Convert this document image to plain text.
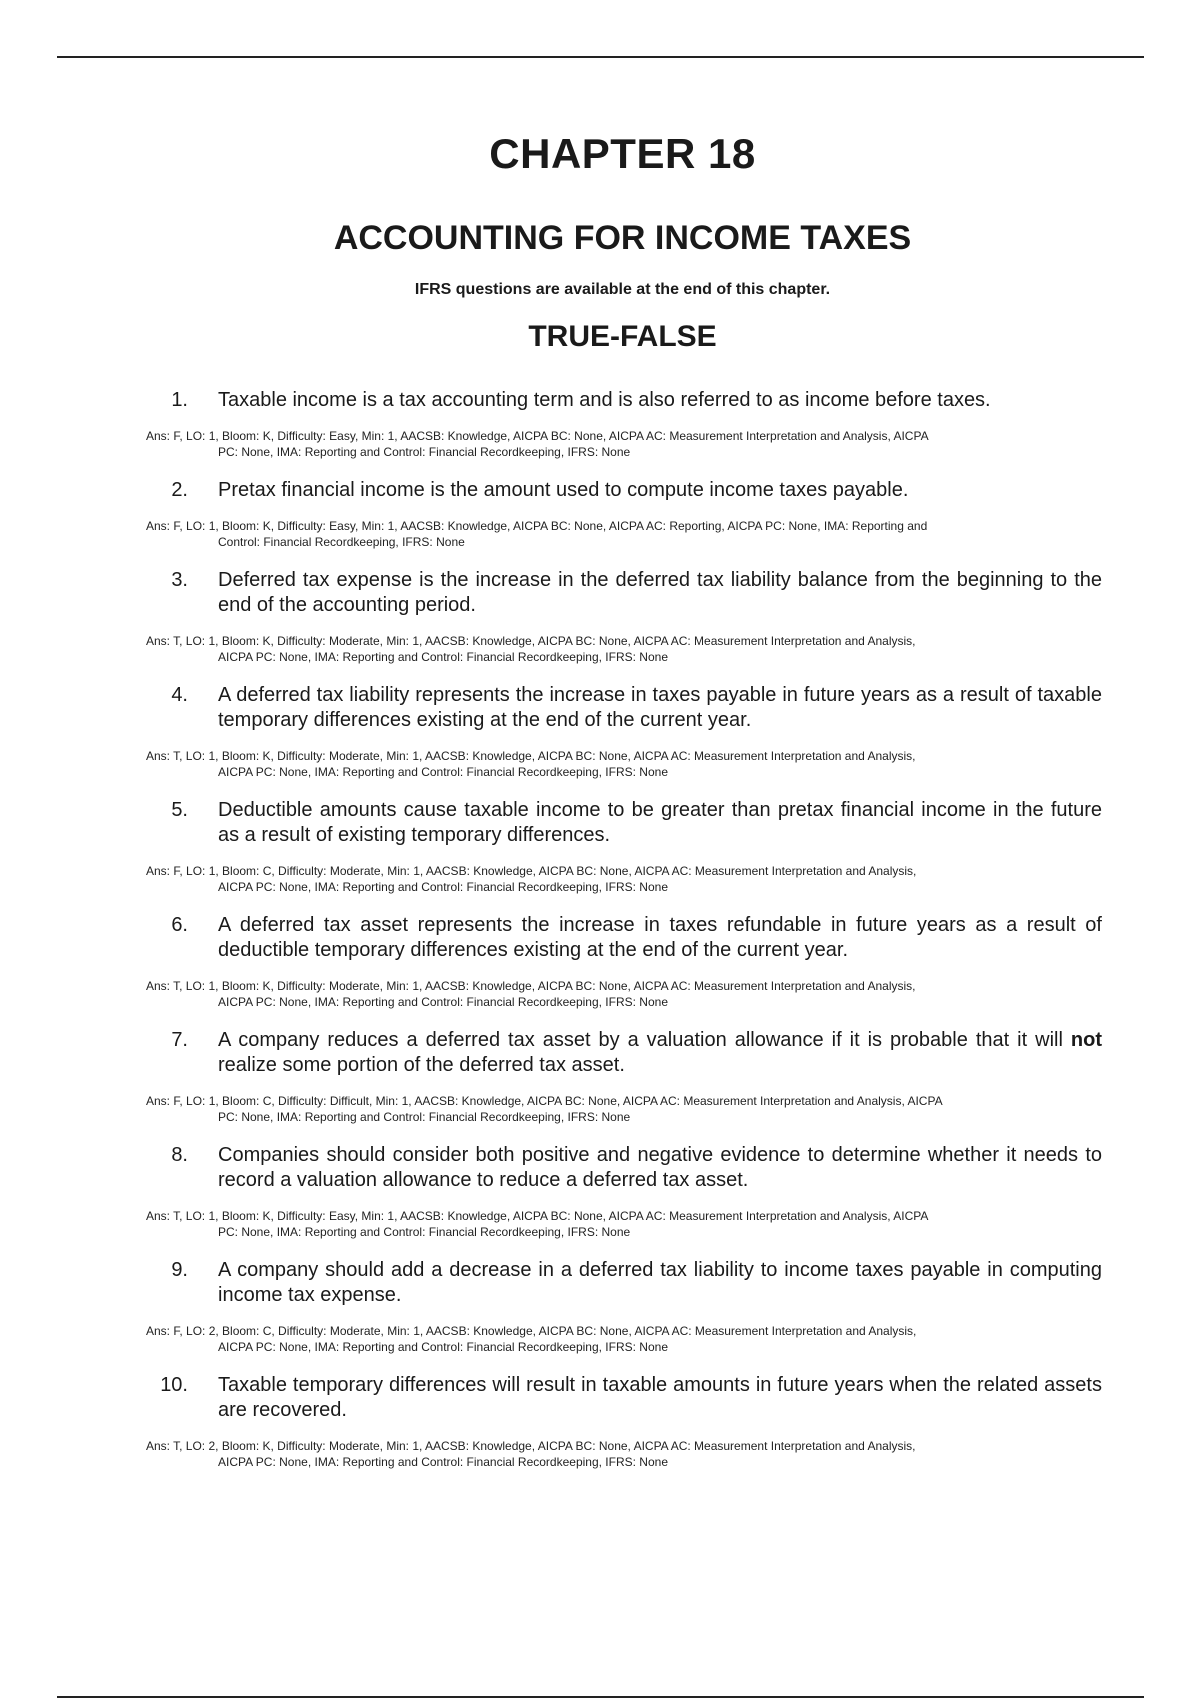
CHAPTER 18
ACCOUNTING FOR INCOME TAXES
IFRS questions are available at the end of this chapter.
TRUE-FALSE
1. Taxable income is a tax accounting term and is also referred to as income before taxes.
Ans: F, LO: 1, Bloom: K, Difficulty: Easy, Min: 1, AACSB: Knowledge, AICPA BC: None, AICPA AC: Measurement Interpretation and Analysis, AICPA
PC: None, IMA: Reporting and Control: Financial Recordkeeping, IFRS: None
2. Pretax financial income is the amount used to compute income taxes payable.
Ans: F, LO: 1, Bloom: K, Difficulty: Easy, Min: 1, AACSB: Knowledge, AICPA BC: None, AICPA AC: Reporting, AICPA PC: None, IMA: Reporting and
Control: Financial Recordkeeping, IFRS: None
3. Deferred tax expense is the increase in the deferred tax liability balance from the beginning to the end of the accounting period.
Ans: T, LO: 1, Bloom: K, Difficulty: Moderate, Min: 1, AACSB: Knowledge, AICPA BC: None, AICPA AC: Measurement Interpretation and Analysis,
AICPA PC: None, IMA: Reporting and Control: Financial Recordkeeping, IFRS: None
4. A deferred tax liability represents the increase in taxes payable in future years as a result of taxable temporary differences existing at the end of the current year.
Ans: T, LO: 1, Bloom: K, Difficulty: Moderate, Min: 1, AACSB: Knowledge, AICPA BC: None, AICPA AC: Measurement Interpretation and Analysis,
AICPA PC: None, IMA: Reporting and Control: Financial Recordkeeping, IFRS: None
5. Deductible amounts cause taxable income to be greater than pretax financial income in the future as a result of existing temporary differences.
Ans: F, LO: 1, Bloom: C, Difficulty: Moderate, Min: 1, AACSB: Knowledge, AICPA BC: None, AICPA AC: Measurement Interpretation and Analysis,
AICPA PC: None, IMA: Reporting and Control: Financial Recordkeeping, IFRS: None
6. A deferred tax asset represents the increase in taxes refundable in future years as a result of deductible temporary differences existing at the end of the current year.
Ans: T, LO: 1, Bloom: K, Difficulty: Moderate, Min: 1, AACSB: Knowledge, AICPA BC: None, AICPA AC: Measurement Interpretation and Analysis,
AICPA PC: None, IMA: Reporting and Control: Financial Recordkeeping, IFRS: None
7. A company reduces a deferred tax asset by a valuation allowance if it is probable that it will not realize some portion of the deferred tax asset.
Ans: F, LO: 1, Bloom: C, Difficulty: Difficult, Min: 1, AACSB: Knowledge, AICPA BC: None, AICPA AC: Measurement Interpretation and Analysis, AICPA
PC: None, IMA: Reporting and Control: Financial Recordkeeping, IFRS: None
8. Companies should consider both positive and negative evidence to determine whether it needs to record a valuation allowance to reduce a deferred tax asset.
Ans: T, LO: 1, Bloom: K, Difficulty: Easy, Min: 1, AACSB: Knowledge, AICPA BC: None, AICPA AC: Measurement Interpretation and Analysis, AICPA
PC: None, IMA: Reporting and Control: Financial Recordkeeping, IFRS: None
9. A company should add a decrease in a deferred tax liability to income taxes payable in computing income tax expense.
Ans: F, LO: 2, Bloom: C, Difficulty: Moderate, Min: 1, AACSB: Knowledge, AICPA BC: None, AICPA AC: Measurement Interpretation and Analysis,
AICPA PC: None, IMA: Reporting and Control: Financial Recordkeeping, IFRS: None
10. Taxable temporary differences will result in taxable amounts in future years when the related assets are recovered.
Ans: T, LO: 2, Bloom: K, Difficulty: Moderate, Min: 1, AACSB: Knowledge, AICPA BC: None, AICPA AC: Measurement Interpretation and Analysis,
AICPA PC: None, IMA: Reporting and Control: Financial Recordkeeping, IFRS: None
